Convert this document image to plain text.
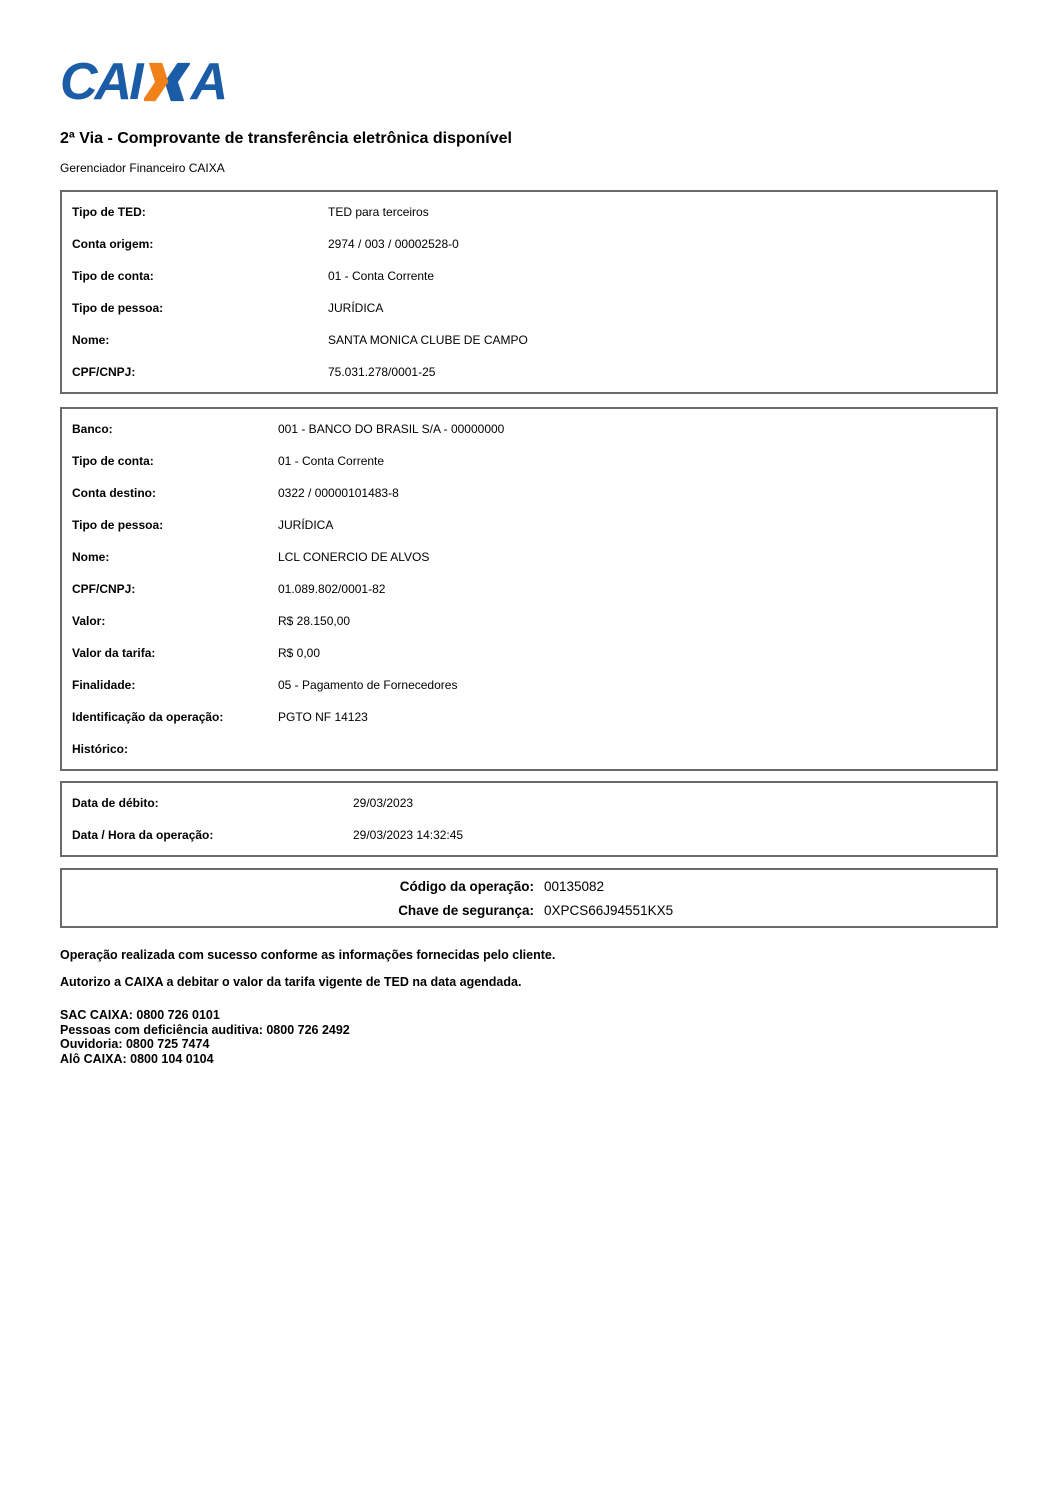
CAI A
2ª Via - Comprovante de transferência eletrônica disponível
Gerenciador Financeiro CAIXA
Tipo de TED:	TED para terceiros
Conta origem:	2974 / 003 / 00002528-0
Tipo de conta:	01 - Conta Corrente
Tipo de pessoa:	JURÍDICA
Nome:	SANTA MONICA CLUBE DE CAMPO
CPF/CNPJ:	75.031.278/0001-25
Banco:	001 - BANCO DO BRASIL S/A - 00000000
Tipo de conta:	01 - Conta Corrente
Conta destino:	0322 / 00000101483-8
Tipo de pessoa:	JURÍDICA
Nome:	LCL CONERCIO DE ALVOS
CPF/CNPJ:	01.089.802/0001-82
Valor:	R$ 28.150,00
Valor da tarifa:	R$ 0,00
Finalidade:	05 - Pagamento de Fornecedores
Identificação da operação:	PGTO NF 14123
Histórico:
Data de débito:	29/03/2023
Data / Hora da operação:	29/03/2023 14:32:45
Código da operação: 00135082
Chave de segurança: 0XPCS66J94551KX5
Operação realizada com sucesso conforme as informações fornecidas pelo cliente.
Autorizo a CAIXA a debitar o valor da tarifa vigente de TED na data agendada.
SAC CAIXA: 0800 726 0101
Pessoas com deficiência auditiva: 0800 726 2492
Ouvidoria: 0800 725 7474
Alô CAIXA: 0800 104 0104
